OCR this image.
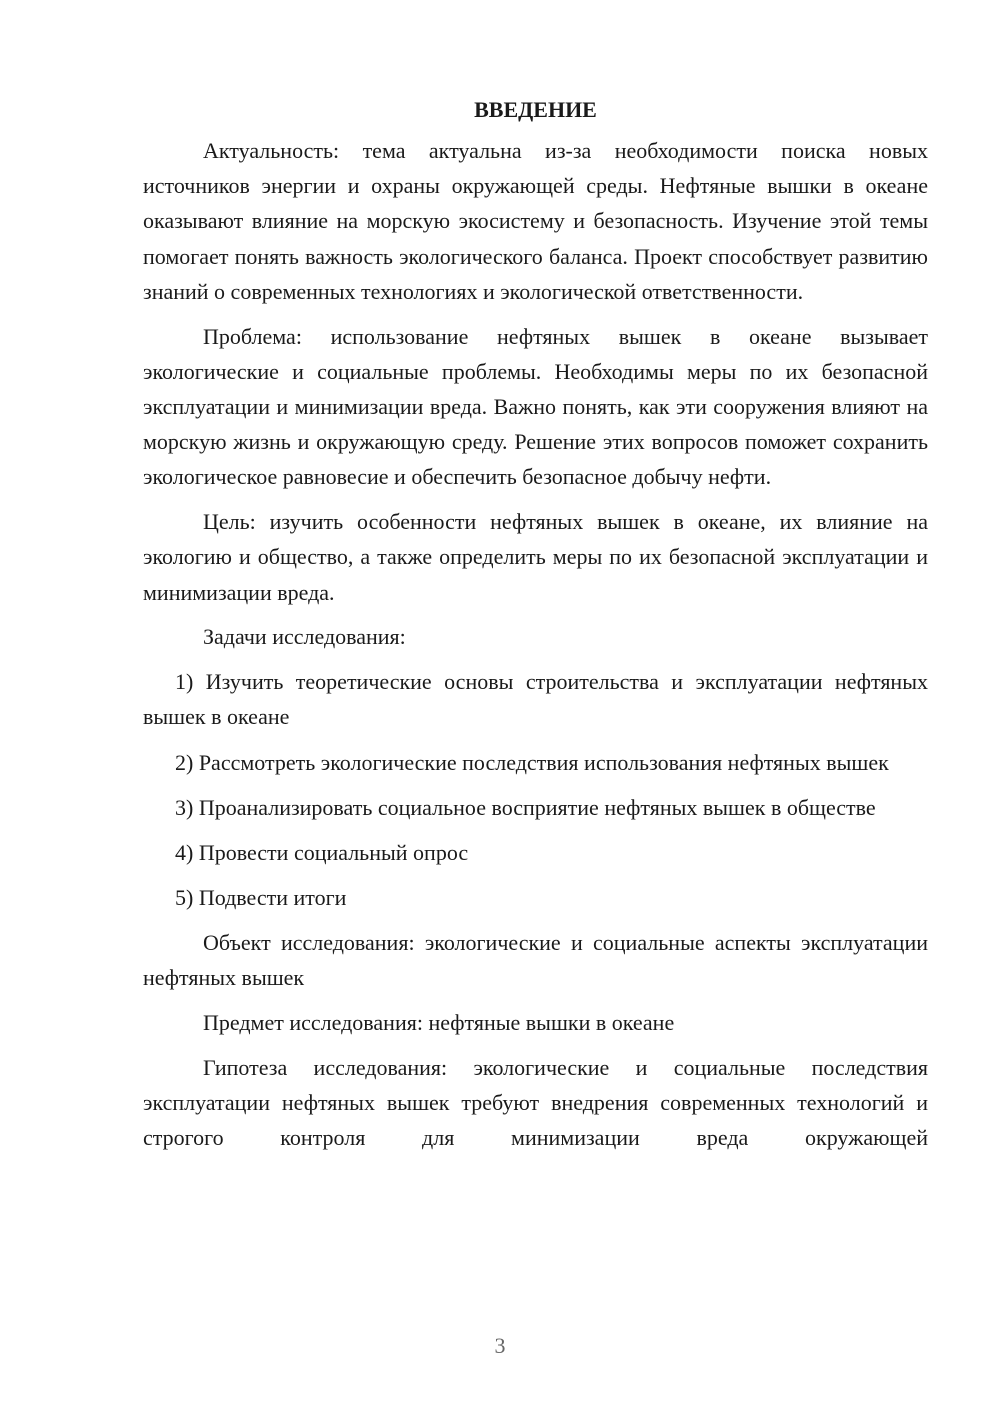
ВВЕДЕНИЕ

Актуальность: тема актуальна из-за необходимости поиска новых источников энергии и охраны окружающей среды. Нефтяные вышки в океане оказывают влияние на морскую экосистему и безопасность. Изучение этой темы помогает понять важность экологического баланса. Проект способствует развитию знаний о современных технологиях и экологической ответственности.

Проблема: использование нефтяных вышек в океане вызывает экологические и социальные проблемы. Необходимы меры по их безопасной эксплуатации и минимизации вреда. Важно понять, как эти сооружения влияют на морскую жизнь и окружающую среду. Решение этих вопросов поможет сохранить экологическое равновесие и обеспечить безопасное добычу нефти.

Цель: изучить особенности нефтяных вышек в океане, их влияние на экологию и общество, а также определить меры по их безопасной эксплуатации и минимизации вреда.

Задачи исследования:

1) Изучить теоретические основы строительства и эксплуатации нефтяных вышек в океане

2) Рассмотреть экологические последствия использования нефтяных вышек

3) Проанализировать социальное восприятие нефтяных вышек в обществе

4) Провести социальный опрос

5) Подвести итоги

Объект исследования: экологические и социальные аспекты эксплуатации нефтяных вышек

Предмет исследования: нефтяные вышки в океане

Гипотеза исследования: экологические и социальные последствия эксплуатации нефтяных вышек требуют внедрения современных технологий и строгого контроля для минимизации вреда окружающей

3
